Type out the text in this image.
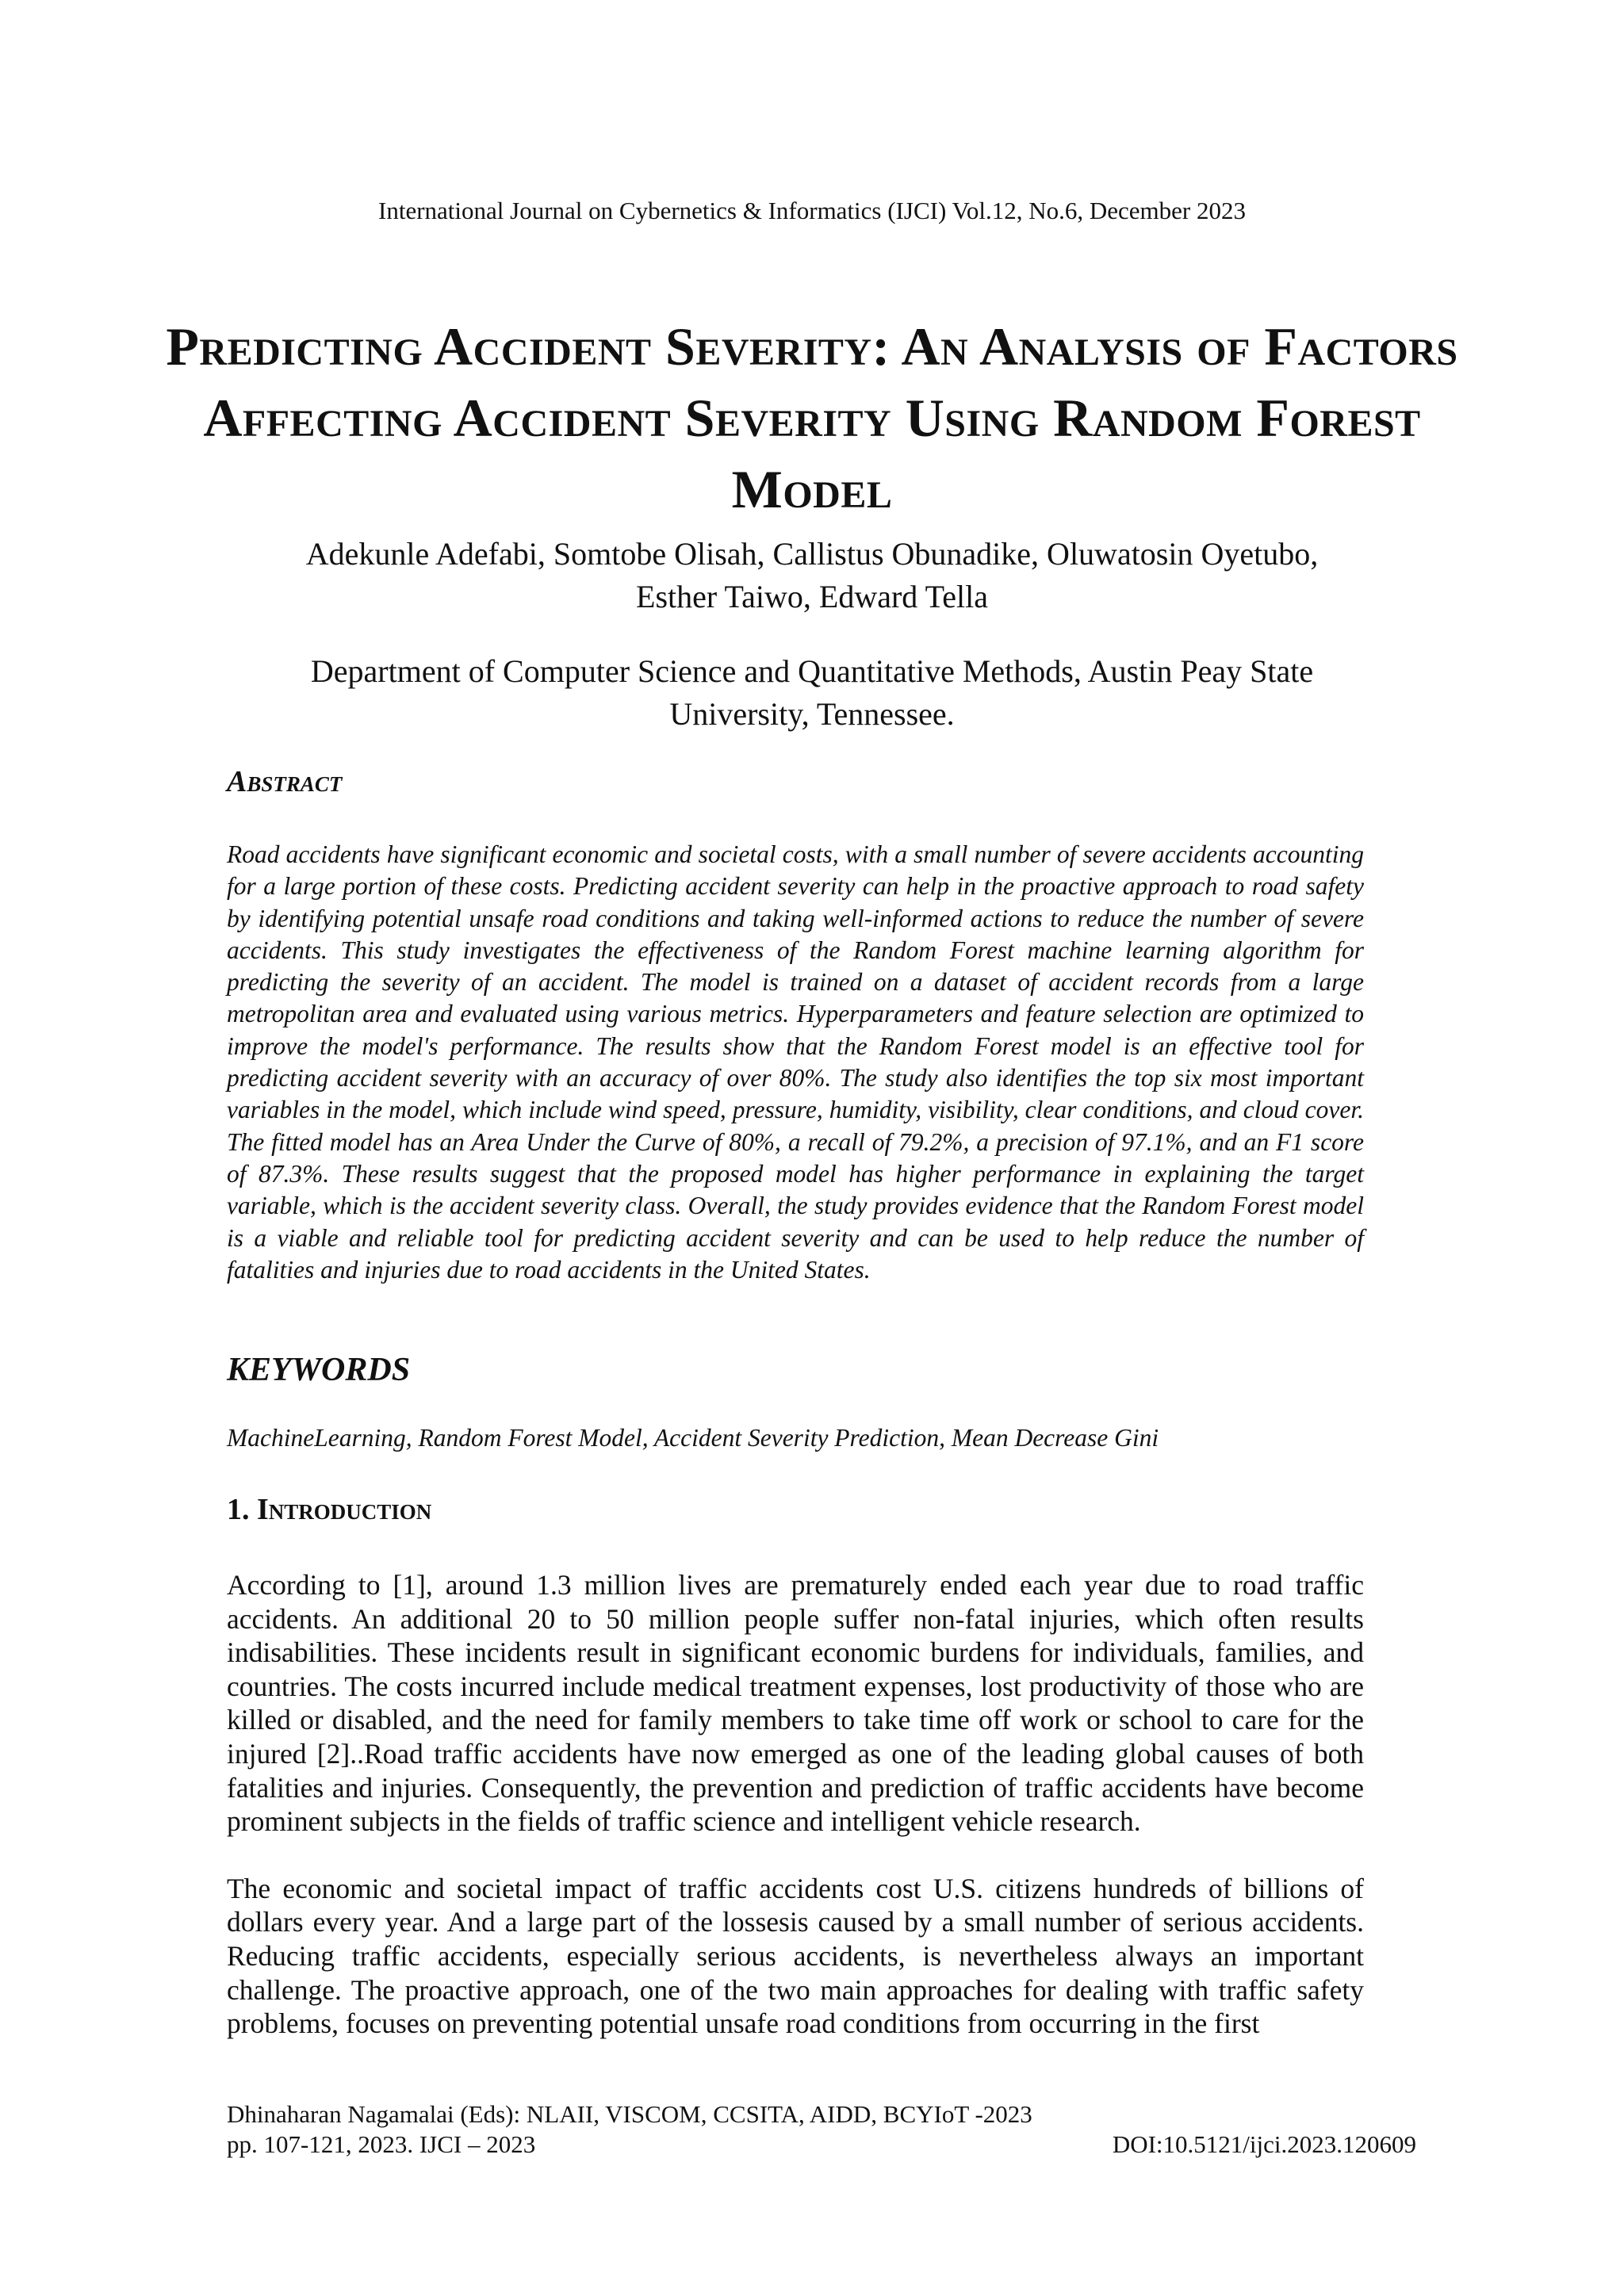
International Journal on Cybernetics & Informatics (IJCI) Vol.12, No.6, December 2023
Predicting Accident Severity: An Analysis of Factors Affecting Accident Severity Using Random Forest Model
Adekunle Adefabi, Somtobe Olisah, Callistus Obunadike, Oluwatosin Oyetubo, Esther Taiwo, Edward Tella
Department of Computer Science and Quantitative Methods, Austin Peay State University, Tennessee.
Abstract
Road accidents have significant economic and societal costs, with a small number of severe accidents accounting for a large portion of these costs. Predicting accident severity can help in the proactive approach to road safety by identifying potential unsafe road conditions and taking well-informed actions to reduce the number of severe accidents. This study investigates the effectiveness of the Random Forest machine learning algorithm for predicting the severity of an accident. The model is trained on a dataset of accident records from a large metropolitan area and evaluated using various metrics. Hyperparameters and feature selection are optimized to improve the model's performance. The results show that the Random Forest model is an effective tool for predicting accident severity with an accuracy of over 80%. The study also identifies the top six most important variables in the model, which include wind speed, pressure, humidity, visibility, clear conditions, and cloud cover. The fitted model has an Area Under the Curve of 80%, a recall of 79.2%, a precision of 97.1%, and an F1 score of 87.3%. These results suggest that the proposed model has higher performance in explaining the target variable, which is the accident severity class. Overall, the study provides evidence that the Random Forest model is a viable and reliable tool for predicting accident severity and can be used to help reduce the number of fatalities and injuries due to road accidents in the United States.
KEYWORDS
MachineLearning, Random Forest Model, Accident Severity Prediction, Mean Decrease Gini
1. Introduction

According to [1], around 1.3 million lives are prematurely ended each year due to road traffic accidents. An additional 20 to 50 million people suffer non-fatal injuries, which often results indisabilities. These incidents result in significant economic burdens for individuals, families, and countries. The costs incurred include medical treatment expenses, lost productivity of those who are killed or disabled, and the need for family members to take time off work or school to care for the injured [2]..Road traffic accidents have now emerged as one of the leading global causes of both fatalities and injuries. Consequently, the prevention and prediction of traffic accidents have become prominent subjects in the fields of traffic science and intelligent vehicle research.

The economic and societal impact of traffic accidents cost U.S. citizens hundreds of billions of dollars every year. And a large part of the lossesis caused by a small number of serious accidents. Reducing traffic accidents, especially serious accidents, is nevertheless always an important challenge. The proactive approach, one of the two main approaches for dealing with traffic safety problems, focuses on preventing potential unsafe road conditions from occurring in the first

Dhinaharan Nagamalai (Eds): NLAII, VISCOM, CCSITA, AIDD, BCYIoT -2023
pp. 107-121, 2023. IJCI – 2023	DOI:10.5121/ijci.2023.120609
